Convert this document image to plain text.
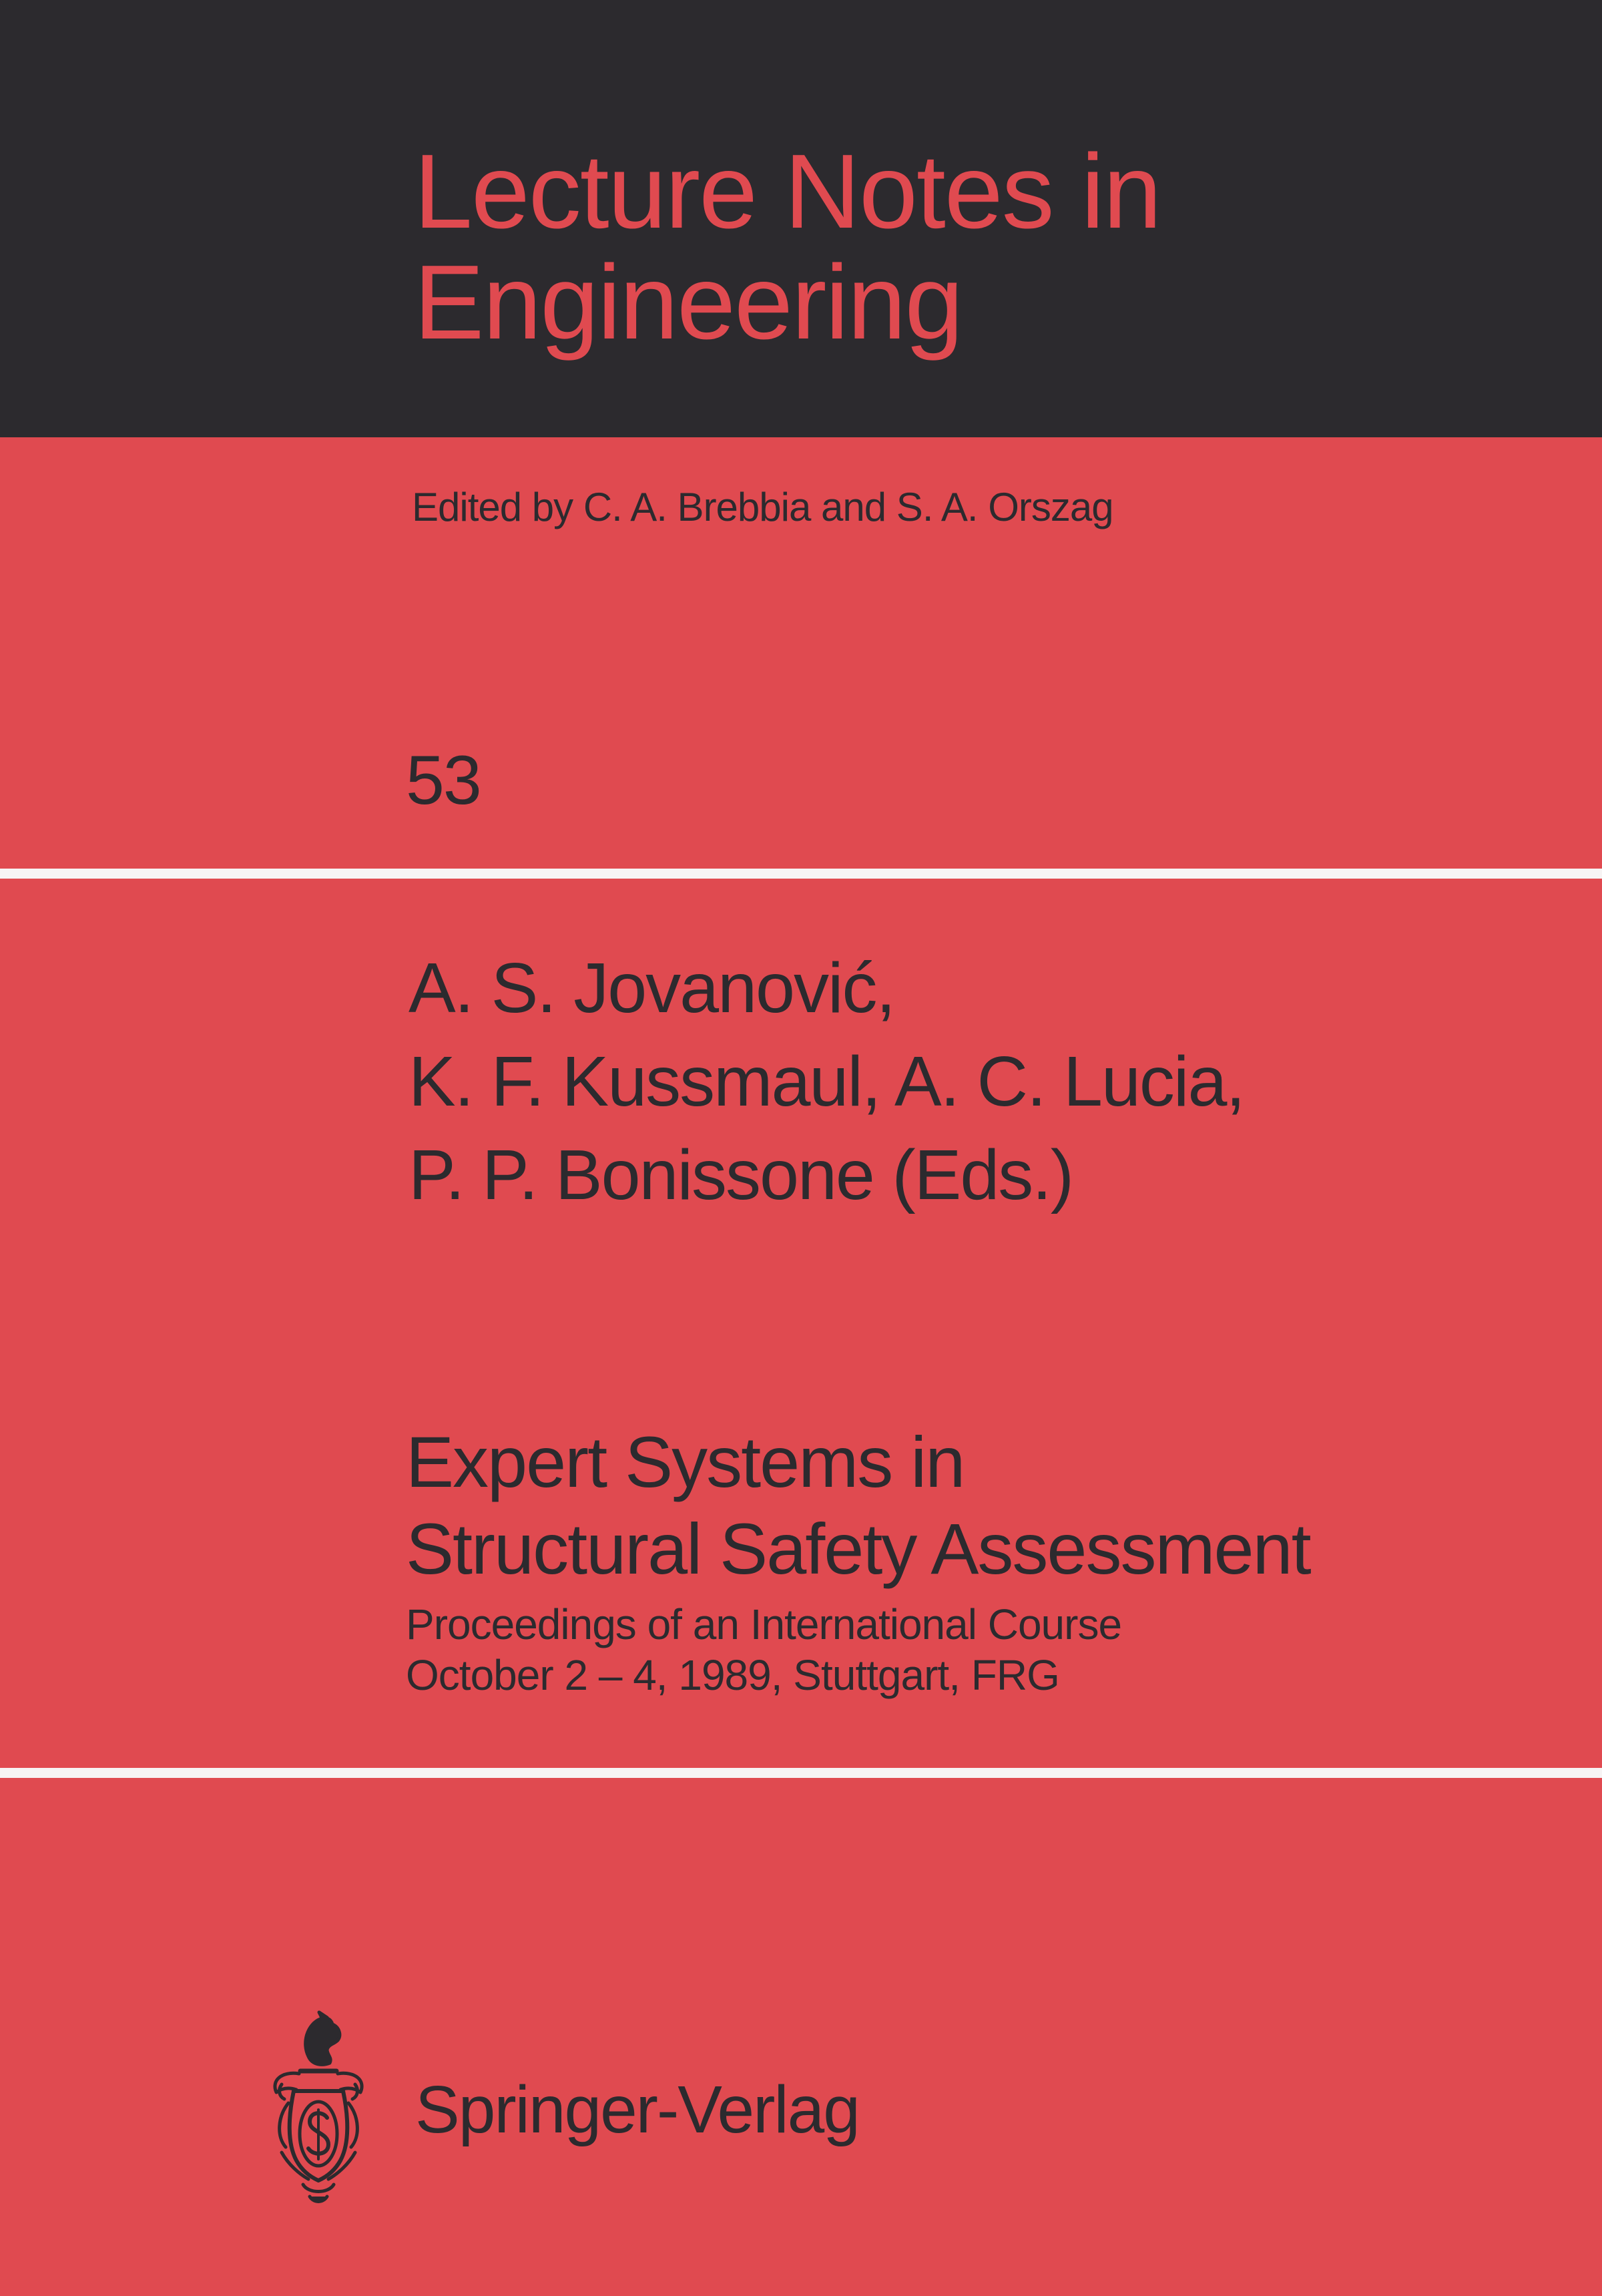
Lecture Notes in
Engineering
Edited by C. A. Brebbia and S. A. Orszag
53
A. S. Jovanović,
K. F. Kussmaul, A. C. Lucia,
P. P. Bonissone (Eds.)
Expert Systems in
Structural Safety Assessment
Proceedings of an International Course
October 2 – 4, 1989, Stuttgart, FRG
Springer-Verlag
